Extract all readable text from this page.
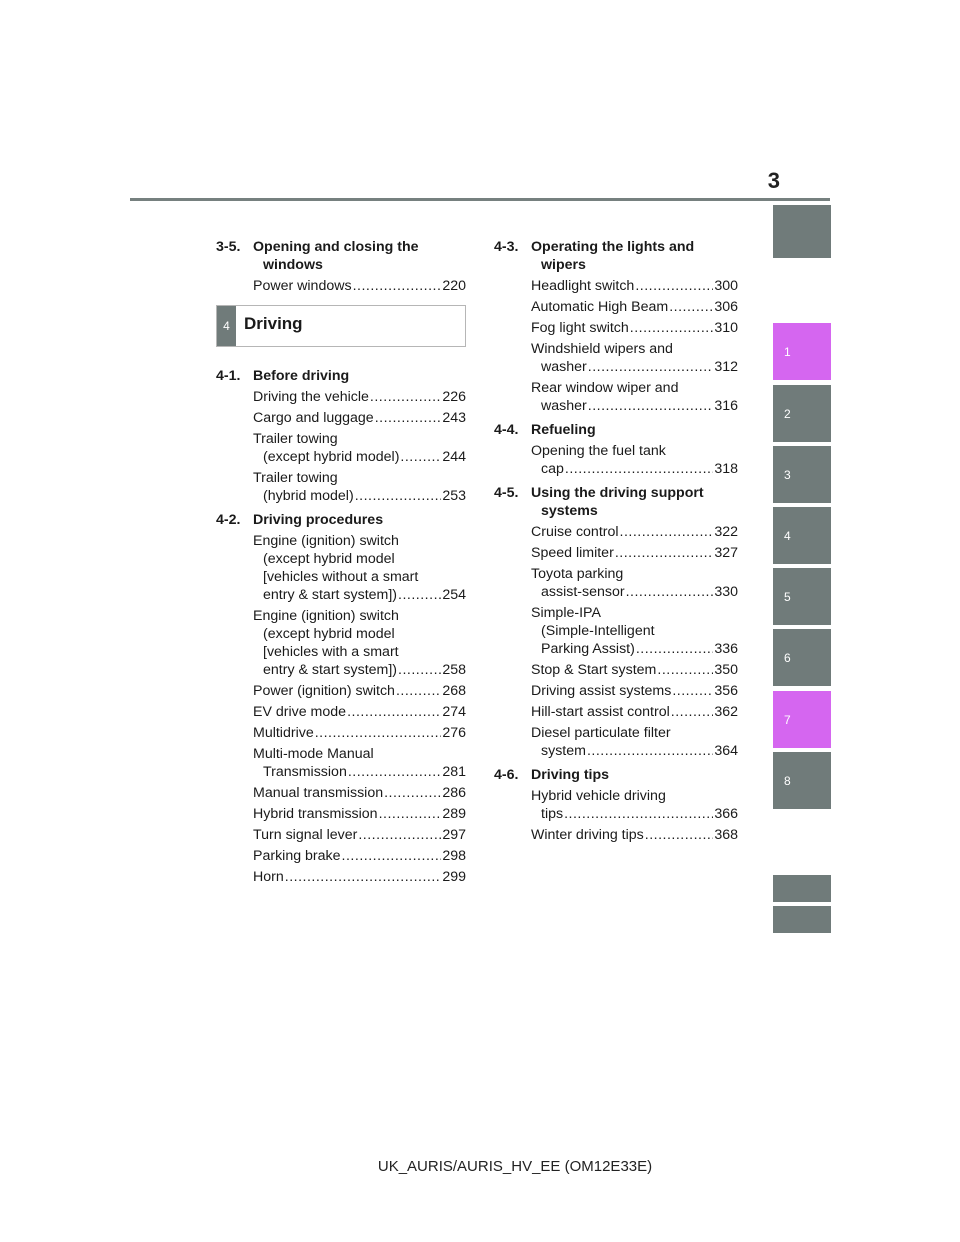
3
1
2
3
4
5
6
7
8
3-5. Opening and closing the
windows
Power windows .....	220
4 Driving
4-1. Before driving
Driving the vehicle .....	226
Cargo and luggage .....	243
Trailer towing
(except hybrid model) .....	244
Trailer towing
(hybrid model) .....	253
4-2. Driving procedures
Engine (ignition) switch
(except hybrid model
[vehicles without a smart
entry & start system]) .....	254
Engine (ignition) switch
(except hybrid model
[vehicles with a smart
entry & start system]) .....	258
Power (ignition) switch .....	268
EV drive mode .....	274
Multidrive .....	276
Multi-mode Manual
Transmission .....	281
Manual transmission .....	286
Hybrid transmission .....	289
Turn signal lever .....	297
Parking brake .....	298
Horn .....	299
4-3. Operating the lights and
wipers
Headlight switch .....	300
Automatic High Beam .....	306
Fog light switch .....	310
Windshield wipers and
washer .....	312
Rear window wiper and
washer .....	316
4-4. Refueling
Opening the fuel tank
cap .....	318
4-5. Using the driving support
systems
Cruise control .....	322
Speed limiter .....	327
Toyota parking
assist-sensor .....	330
Simple-IPA
(Simple-Intelligent
Parking Assist) .....	336
Stop & Start system .....	350
Driving assist systems .....	356
Hill-start assist control .....	362
Diesel particulate filter
system .....	364
4-6. Driving tips
Hybrid vehicle driving
tips .....	366
Winter driving tips .....	368
UK_AURIS/AURIS_HV_EE (OM12E33E)
